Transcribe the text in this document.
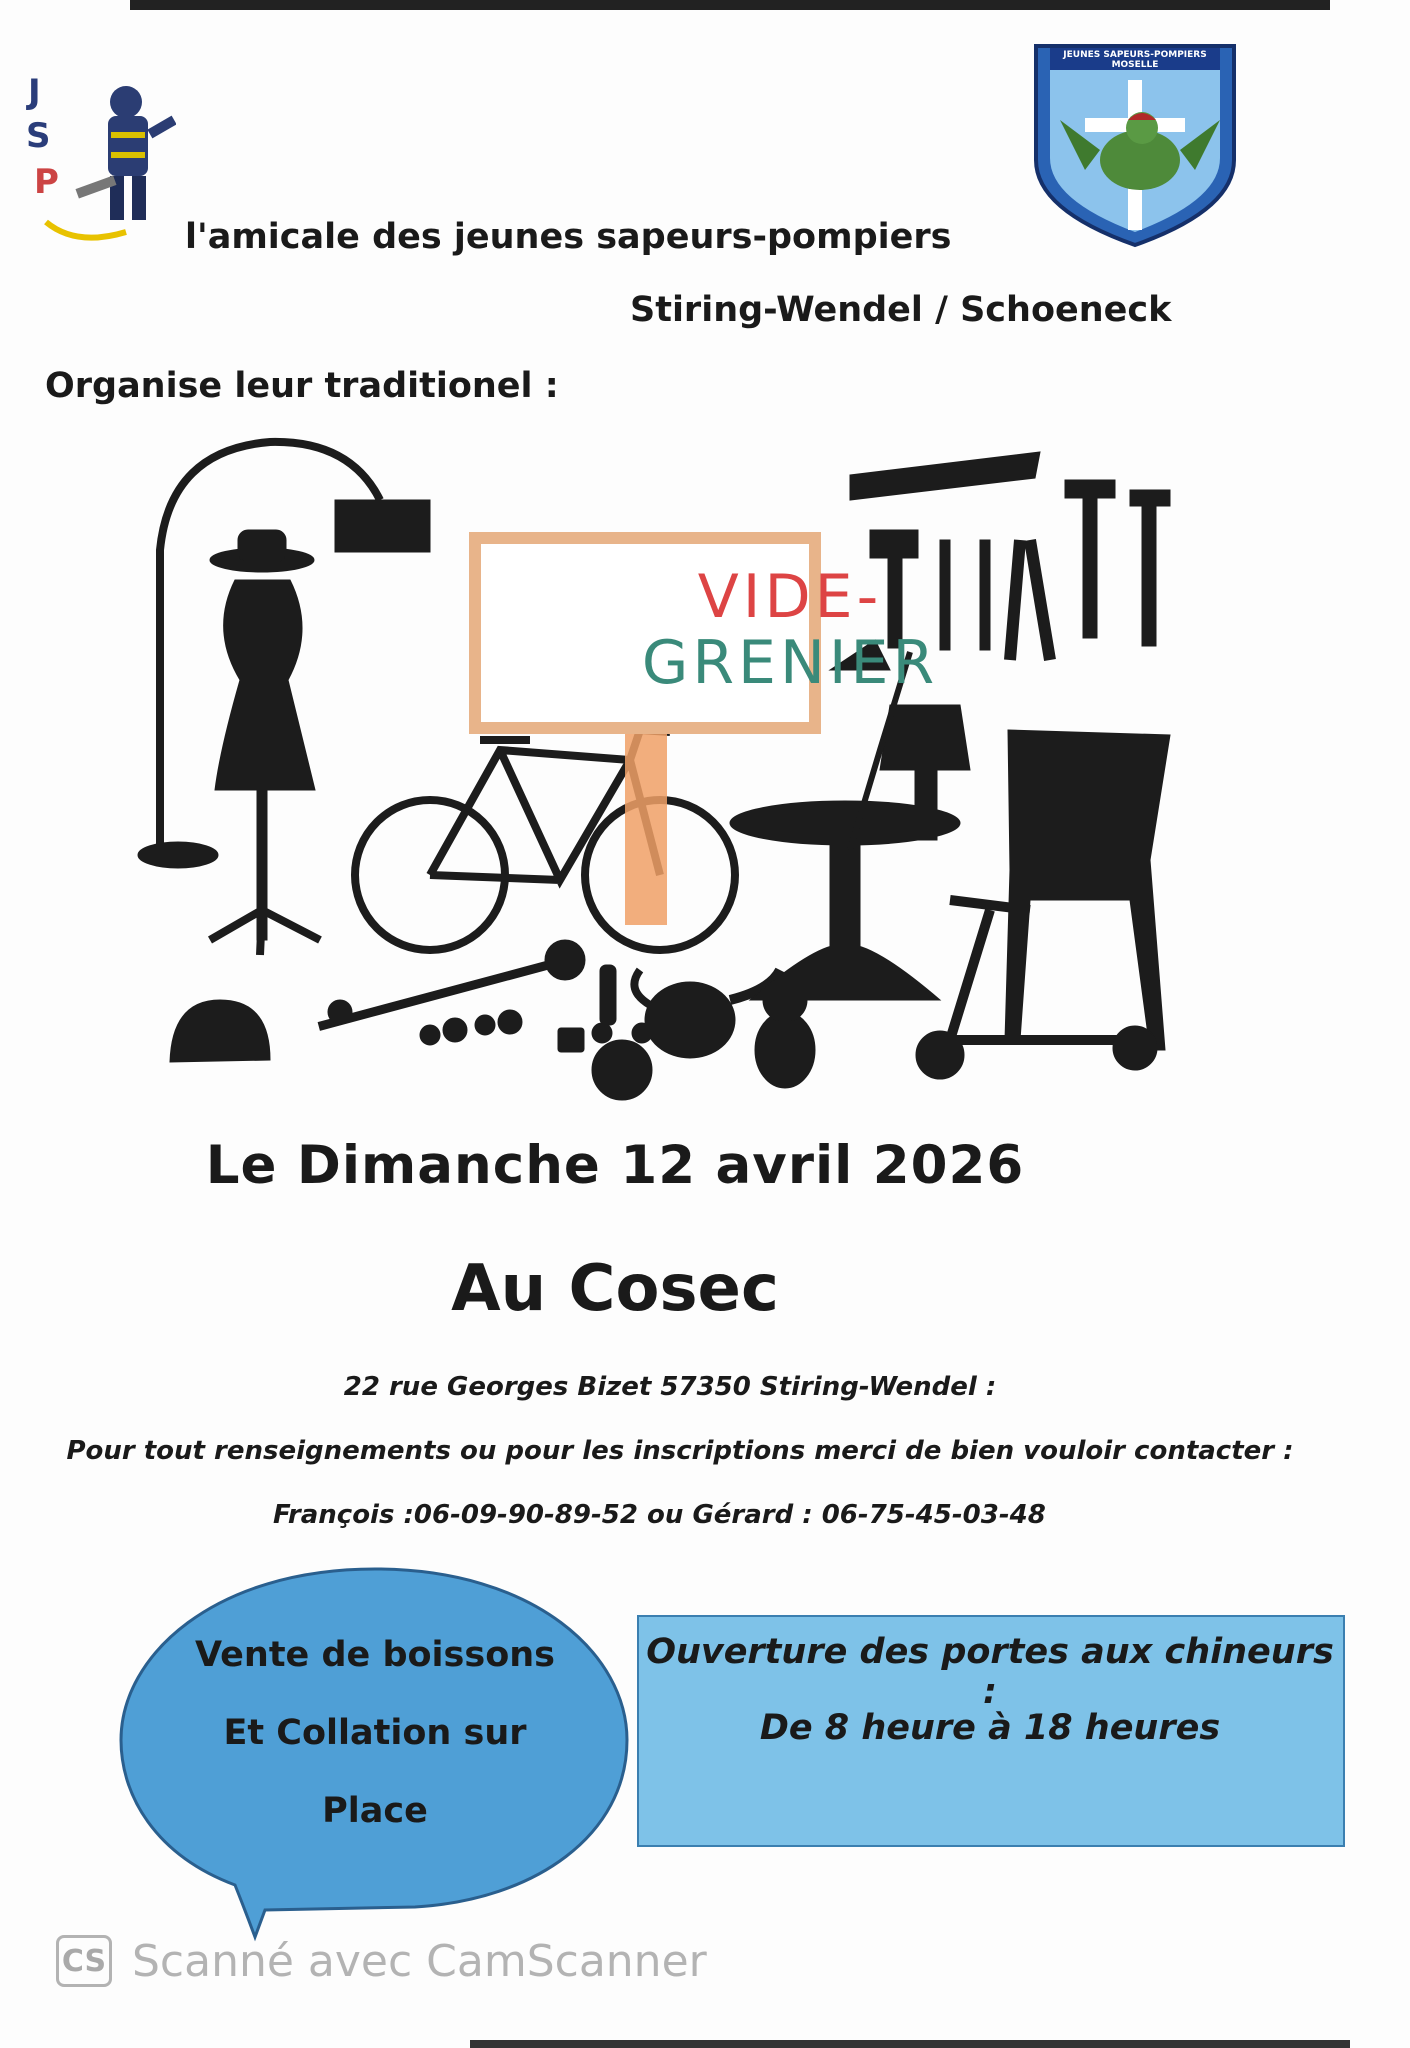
J
S
P
JEUNES SAPEURS-POMPIERS MOSELLE
l'amicale des jeunes sapeurs-pompiers
Stiring-Wendel / Schoeneck
Organise leur traditionel :
VIDE-
GRENIER
Le Dimanche 12 avril 2026
Au Cosec
22 rue Georges Bizet 57350 Stiring-Wendel :
Pour tout renseignements ou pour les inscriptions merci de bien vouloir contacter :
François :06-09-90-89-52 ou Gérard : 06-75-45-03-48
Vente de boissons
Et Collation sur
Place
Ouverture des portes aux chineurs :
De 8 heure à 18 heures
CS Scanné avec CamScanner
